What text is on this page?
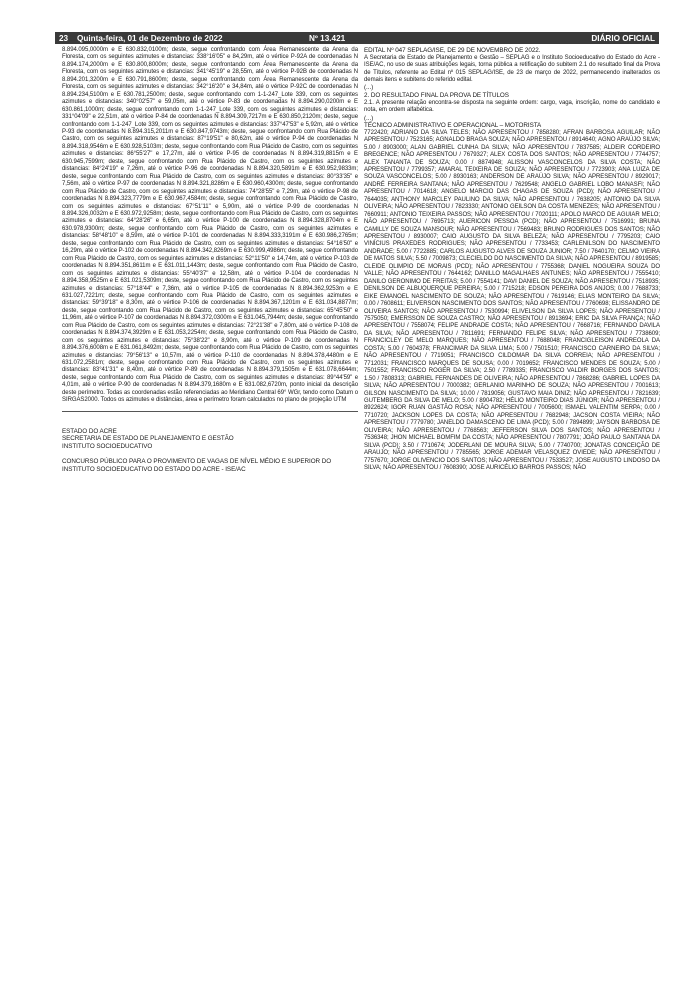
23	Quinta-feira, 01 de Dezembro de 2022	Nº 13.421	DIÁRIO OFICIAL

8.894.095,0000m e E 630.832,0100m; deste, segue confrontando com Área Remanescente da Arena da Floresta, com os seguintes azimutes e distancias: 338°16'05" e 84,29m, até o vértice P-92A de coordenadas N 8.894.174,2000m e E 630.800,8000m; deste, segue confrontando com Área Remanescente da Arena da Floresta, com os seguintes azimutes e distancias: 341°45'19" e 28,55m, até o vértice P-92B de coordenadas N 8.894.201,3200m e E 630.791,8600m; deste, segue confrontando com Área Remanescente da Arena da Floresta, com os seguintes azimutes e distancias: 342°16'20" e 34,84m, até o vértice P-92C de coordenadas N 8.894.234,5100m e E 630.781,2500m; deste, segue confrontando com 1-1-247_Lote 339, com os seguintes azimutes e distancias: 340°02'57" e 59,05m, até o vértice P-83 de coordenadas N 8.894.290,0200m e E 630.861,1000m; deste, segue confrontando com 1-1-247_Lote 339, com os seguintes azimutes e distancias: 331°04'09" e 22,51m, até o vértice P-84 de coordenadas N 8.894.309,7217m e E 630.850,2120m; deste, segue confrontando com 1-1-247_Lote 339, com os seguintes azimutes e distancias: 337°47'53" e 5,92m, até o vértice P-93 de coordenadas N 8.894.315,2011m e E 630.847,9743m; deste, segue confrontando com Rua Plácido de Castro, com os seguintes azimutes e distancias: 87°19'51" e 80,62m, até o vértice P-94 de coordenadas N 8.894.318,9546m e E 630.928,5103m; deste, segue confrontando com Rua Plácido de Castro, com os seguintes azimutes e distancias: 86°55'27" e 17,27m, até o vértice P-95 de coordenadas N 8.894.319,8815m e E 630.945,7599m; deste, segue confrontando com Rua Plácido de Castro, com os seguintes azimutes e distancias: 84°24'19" e 7,26m, até o vértice P-96 de coordenadas N 8.894.320,5891m e E 630.952,9833m; deste, segue confrontando com Rua Plácido de Castro, com os seguintes azimutes e distancias: 80°33'35" e 7,56m, até o vértice P-97 de coordenadas N 8.894.321,8286m e E 630.960,4300m; deste, segue confrontando com Rua Plácido de Castro, com os seguintes azimutes e distancias: 74°28'55" e 7,29m, até o vértice P-98 de coordenadas N 8.894.323,7779m e E 630.967,4584m; deste, segue confrontando com Rua Plácido de Castro, com os seguintes azimutes e distancias: 67°51'11" e 5,90m, até o vértice P-99 de coordenadas N 8.894.326,0032m e E 630.972,9258m; deste, segue confrontando com Rua Plácido de Castro, com os seguintes azimutes e distancias: 64°28'26" e 6,65m, até o vértice P-100 de coordenadas N 8.894.328,8704m e E 630.978,9300m; deste, segue confrontando com Rua Plácido de Castro, com os seguintes azimutes e distancias: 58°48'10" e 8,59m, até o vértice P-101 de coordenadas N 8.894.333,3191m e E 630.986,2765m; deste, segue confrontando com Rua Plácido de Castro, com os seguintes azimutes e distancias: 54°16'50" e 16,29m, até o vértice P-102 de coordenadas N 8.894.342,8269m e E 630.999,4986m; deste, segue confrontando com Rua Plácido de Castro, com os seguintes azimutes e distancias: 52°11'50" e 14,74m, até o vértice P-103 de coordenadas N 8.894.351,8611m e E 631.011,1443m; deste, segue confrontando com Rua Plácido de Castro, com os seguintes azimutes e distancias: 55°40'37" e 12,58m, até o vértice P-104 de coordenadas N 8.894.358,9525m e E 631.021,5309m; deste, segue confrontando com Rua Plácido de Castro, com os seguintes azimutes e distancias: 57°18'44" e 7,36m, até o vértice P-105 de coordenadas N 8.894.362,9253m e E 631.027,7221m; deste, segue confrontando com Rua Plácido de Castro, com os seguintes azimutes e distancias: 59°39'18" e 8,30m, até o vértice P-106 de coordenadas N 8.894.367,1201m e E 631.034,8877m; deste, segue confrontando com Rua Plácido de Castro, com os seguintes azimutes e distancias: 65°45'50" e 11,96m, até o vértice P-107 de coordenadas N 8.894.372,0300m e E 631.045,7944m; deste, segue confrontando com Rua Plácido de Castro, com os seguintes azimutes e distancias: 72°21'38" e 7,80m, até o vértice P-108 de coordenadas N 8.894.374,3929m e E 631.053,2254m; deste, segue confrontando com Rua Plácido de Castro, com os seguintes azimutes e distancias: 75°38'22" e 8,90m, até o vértice P-109 de coordenadas N 8.894.376,6008m e E 631.061,8492m; deste, segue confrontando com Rua Plácido de Castro, com os seguintes azimutes e distancias: 79°56'13" e 10,57m, até o vértice P-110 de coordenadas N 8.894.378,4480m e E 631.072,2581m; deste, segue confrontando com Rua Plácido de Castro, com os seguintes azimutes e distancias: 83°41'31" e 8,40m, até o vértice P-89 de coordenadas N 8.894.379,1505m e E 631.078,6644m; deste, segue confrontando com Rua Plácido de Castro, com os seguintes azimutes e distancias: 89°44'59" e 4,01m, até o vértice P-90 de coordenadas N 8.894.379,1680m e E 631.082,6720m, ponto inicial da descrição deste perímetro. Todas as coordenadas estão referenciadas ao Meridiano Central 69° WGr, tendo como Datum o SIRGAS2000. Todos os azimutes e distâncias, área e perímetro foram calculados no plano de projeção UTM

ESTADO DO ACRE

SECRETARIA DE ESTADO DE PLANEJAMENTO E GESTÃO

INSTITUTO SOCIOEDUCATIVO

CONCURSO PÚBLICO PARA O PROVIMENTO DE VAGAS DE NÍVEL MÉDIO E SUPERIOR DO INSTITUTO SOCIOEDUCATIVO DO ESTADO DO ACRE - ISE/AC

EDITAL Nº 047 SEPLAG/ISE, DE 29 DE NOVEMBRO DE 2022.

A Secretaria de Estado de Planejamento e Gestão – SEPLAG e o Instituto Socioeducativo do Estado do Acre - ISE/AC, no uso de suas atribuições legais, torna pública a retificação do subitem 2.1 do resultado final da Prova de Títulos, referente ao Edital nº 015 SEPLAG/ISE, de 23 de março de 2022, permanecendo inalterados os demais itens e subitens do referido edital.

(...)

2. DO RESULTADO FINAL DA PROVA DE TÍTULOS

2.1. A presente relação encontra-se disposta na seguinte ordem: cargo, vaga, inscrição, nome do candidato e nota, em ordem alfabética.

(...)

TÉCNICO ADMINISTRATIVO E OPERACIONAL – MOTORISTA

7722420; ADRIANO DA SILVA TELES; NÃO APRESENTOU / 7858280; AFRAN BARBOSA AGUILAR; NÃO APRESENTOU / 7523165; AGNALDO BRAGA SOUZA; NÃO APRESENTOU / 8914640; AGNO ARAÚJO SILVA; 5.00 / 8903000; ALAN GABRIEL CUNHA DA SILVA; NÃO APRESENTOU / 7837585; ALDEIR CORDEIRO BREGENCE; NÃO APRESENTOU / 7679327; ALEX COSTA DOS SANTOS; NÃO APRESENTOU / 7744757; ALEX TANANTA DE SOUZA; 0.00 / 8874948; ALISSON VASCONCELOS DA SILVA COSTA; NÃO APRESENTOU / 7799357; AMARAL TEIXEIRA DE SOUZA; NÃO APRESENTOU / 7723903; ANA LUIZA DE SOUZA VASCONCELOS; 5.00 / 8930163; ANDERSON DE ARAÚJO SILVA; NÃO APRESENTOU / 8929017; ANDRÉ FERREIRA SANTANA; NÃO APRESENTOU / 7629548; ANGELO GABRIEL LOBO MANASFI; NÃO APRESENTOU / 7014618; ANGELO MARCIO DAS CHAGAS DE SOUZA (PCD); NÃO APRESENTOU / 7644035; ANTHONY MARCLEY PAULINO DA SILVA; NÃO APRESENTOU / 7638205; ANTONIO DA SILVA OLIVEIRA; NÃO APRESENTOU / 7823330; ANTONIO GEILSON DA COSTA MENEZES; NÃO APRESENTOU / 7660911; ANTONIO TEIXEIRA PASSOS; NÃO APRESENTOU / 7020111; APOLO MARCO DE AGUIAR MELO; NÃO APRESENTOU / 7695713; AUERICON PESSOA (PCD); NÃO APRESENTOU / 7516991; BRUNA CAMILLY DE SOUZA MANSOUR; NÃO APRESENTOU / 7569483; BRUNO RODRIGUES DOS SANTOS; NÃO APRESENTOU / 8930007; CAIO AUGUSTO DA SILVA BELEZA; NÃO APRESENTOU / 7795203; CAIO VINÍCIUS PRAXEDES RODRIGUES; NÃO APRESENTOU / 7733453; CARLENILSON DO NASCIMENTO ANDRADE; 5.00 / 7722885; CARLOS AUGUSTO ALVES DE SOUZA JUNIOR; 7.50 / 7640170; CELMO VIEIRA DE MATOS SILVA; 5.50 / 7009873; CLECIELDO DO NASCIMENTO DA SILVA; NÃO APRESENTOU / 8919585; CLEIDE OLIMPIO DE MORAIS (PCD); NÃO APRESENTOU / 7755368; DANIEL NOGUEIRA SOUZA DO VALLE; NÃO APRESENTOU / 7644162; DANILLO MAGALHAES ANTUNES; NÃO APRESENTOU / 7555410; DANILO GERONIMO DE FREITAS; 5.00 / 7554141; DAVI DANIEL DE SOUZA; NÃO APRESENTOU / 7518935; DENILSON DE ALBUQUERQUE PEREIRA; 5.00 / 7715218; EDSON PEREIRA DOS ANJOS; 0.00 / 7688733; EIKE EMANOEL NASCIMENTO DE SOUZA; NÃO APRESENTOU / 7619146; ELIAS MONTEIRO DA SILVA; 0.00 / 7608611; ELIVERSON NASCIMENTO DOS SANTOS; NÃO APRESENTOU / 7760698; ELISSANDRO DE OLIVEIRA SANTOS; NÃO APRESENTOU / 7530994; ELIVELSON DA SILVA LOPES; NÃO APRESENTOU / 7575050; EMERSSON DE SOUZA CASTRO; NÃO APRESENTOU / 8913694; ERIC DA SILVA FRANÇA; NÃO APRESENTOU / 7558074; FELIPE ANDRADE COSTA; NÃO APRESENTOU / 7668716; FERNANDO DAVILA DA SILVA; NÃO APRESENTOU / 7811691; FERNANDO FELIPE SILVA; NÃO APRESENTOU / 7738609; FRANCICLEY DE MELO MARQUES; NÃO APRESENTOU / 7688048; FRANCIGLEISON ANDREOLA DA COSTA; 5.00 / 7604378; FRANCIMAR DA SILVA LIMA; 5.00 / 7501510; FRANCISCO CARNEIRO DA SILVA; NÃO APRESENTOU / 7719051; FRANCISCO CILDOMAR DA SILVA CORREIA; NÃO APRESENTOU / 7712031; FRANCISCO MARQUES DE SOUSA; 0.00 / 7019652; FRANCISCO MENDES DE SOUZA; 5.00 / 7501552; FRANCISCO ROGER DA SILVA; 2.50 / 7789335; FRANCISCO VALDIR BORGES DOS SANTOS; 1.50 / 7808313; GABRIEL FERNANDES DE OLIVEIRA; NÃO APRESENTOU / 7868286; GABRIEL LOPES DA SILVA; NÃO APRESENTOU / 7000382; GERLANIO MARINHO DE SOUZA; NÃO APRESENTOU / 7001613; GILSON NASCIMENTO DA SILVA; 10.00 / 7819056; GUSTAVO MAIA DINIZ; NÃO APRESENTOU / 7821639; GUTEMBERG DA SILVA DE MELO; 5.00 / 8904782; HÉLIO MONTEIRO DIAS JÚNIOR; NÃO APRESENTOU / 8922624; IGOR RUAN GASTÃO ROSA; NÃO APRESENTOU / 7005600; ISMAEL VALENTIM SERPA; 0.00 / 7710720; JACKSON LOPES DA COSTA; NÃO APRESENTOU / 7682948; JACSON COSTA VIEIRA; NÃO APRESENTOU / 7779780; JANELDO DAMASCENO DE LIMA (PCD); 5.00 / 7894899; JAYSON BARBOSA DE OLIVEIRA; NÃO APRESENTOU / 7768563; JEFFERSON SILVA DOS SANTOS; NÃO APRESENTOU / 7536348; JHON MICHAEL BOMFIM DA COSTA; NÃO APRESENTOU / 7807791; JOÃO PAULO SANTANA DA SILVA (PCD); 3.50 / 7710674; JODERLANI DE MOURA SILVA; 5.00 / 7740700; JONATAS CONCEIÇÃO DE ARAUJO; NÃO APRESENTOU / 7785565; JORGE ADEMAR VELASQUEZ OVIEDE; NÃO APRESENTOU / 7757670; JORGE OLIVENCIO DOS SANTOS; NÃO APRESENTOU / 7533527; JOSE AUGUSTO LINDOSO DA SILVA; NÃO APRESENTOU / 7608390; JOSE AURICÉLIO BARROS PASSOS; NÃO
